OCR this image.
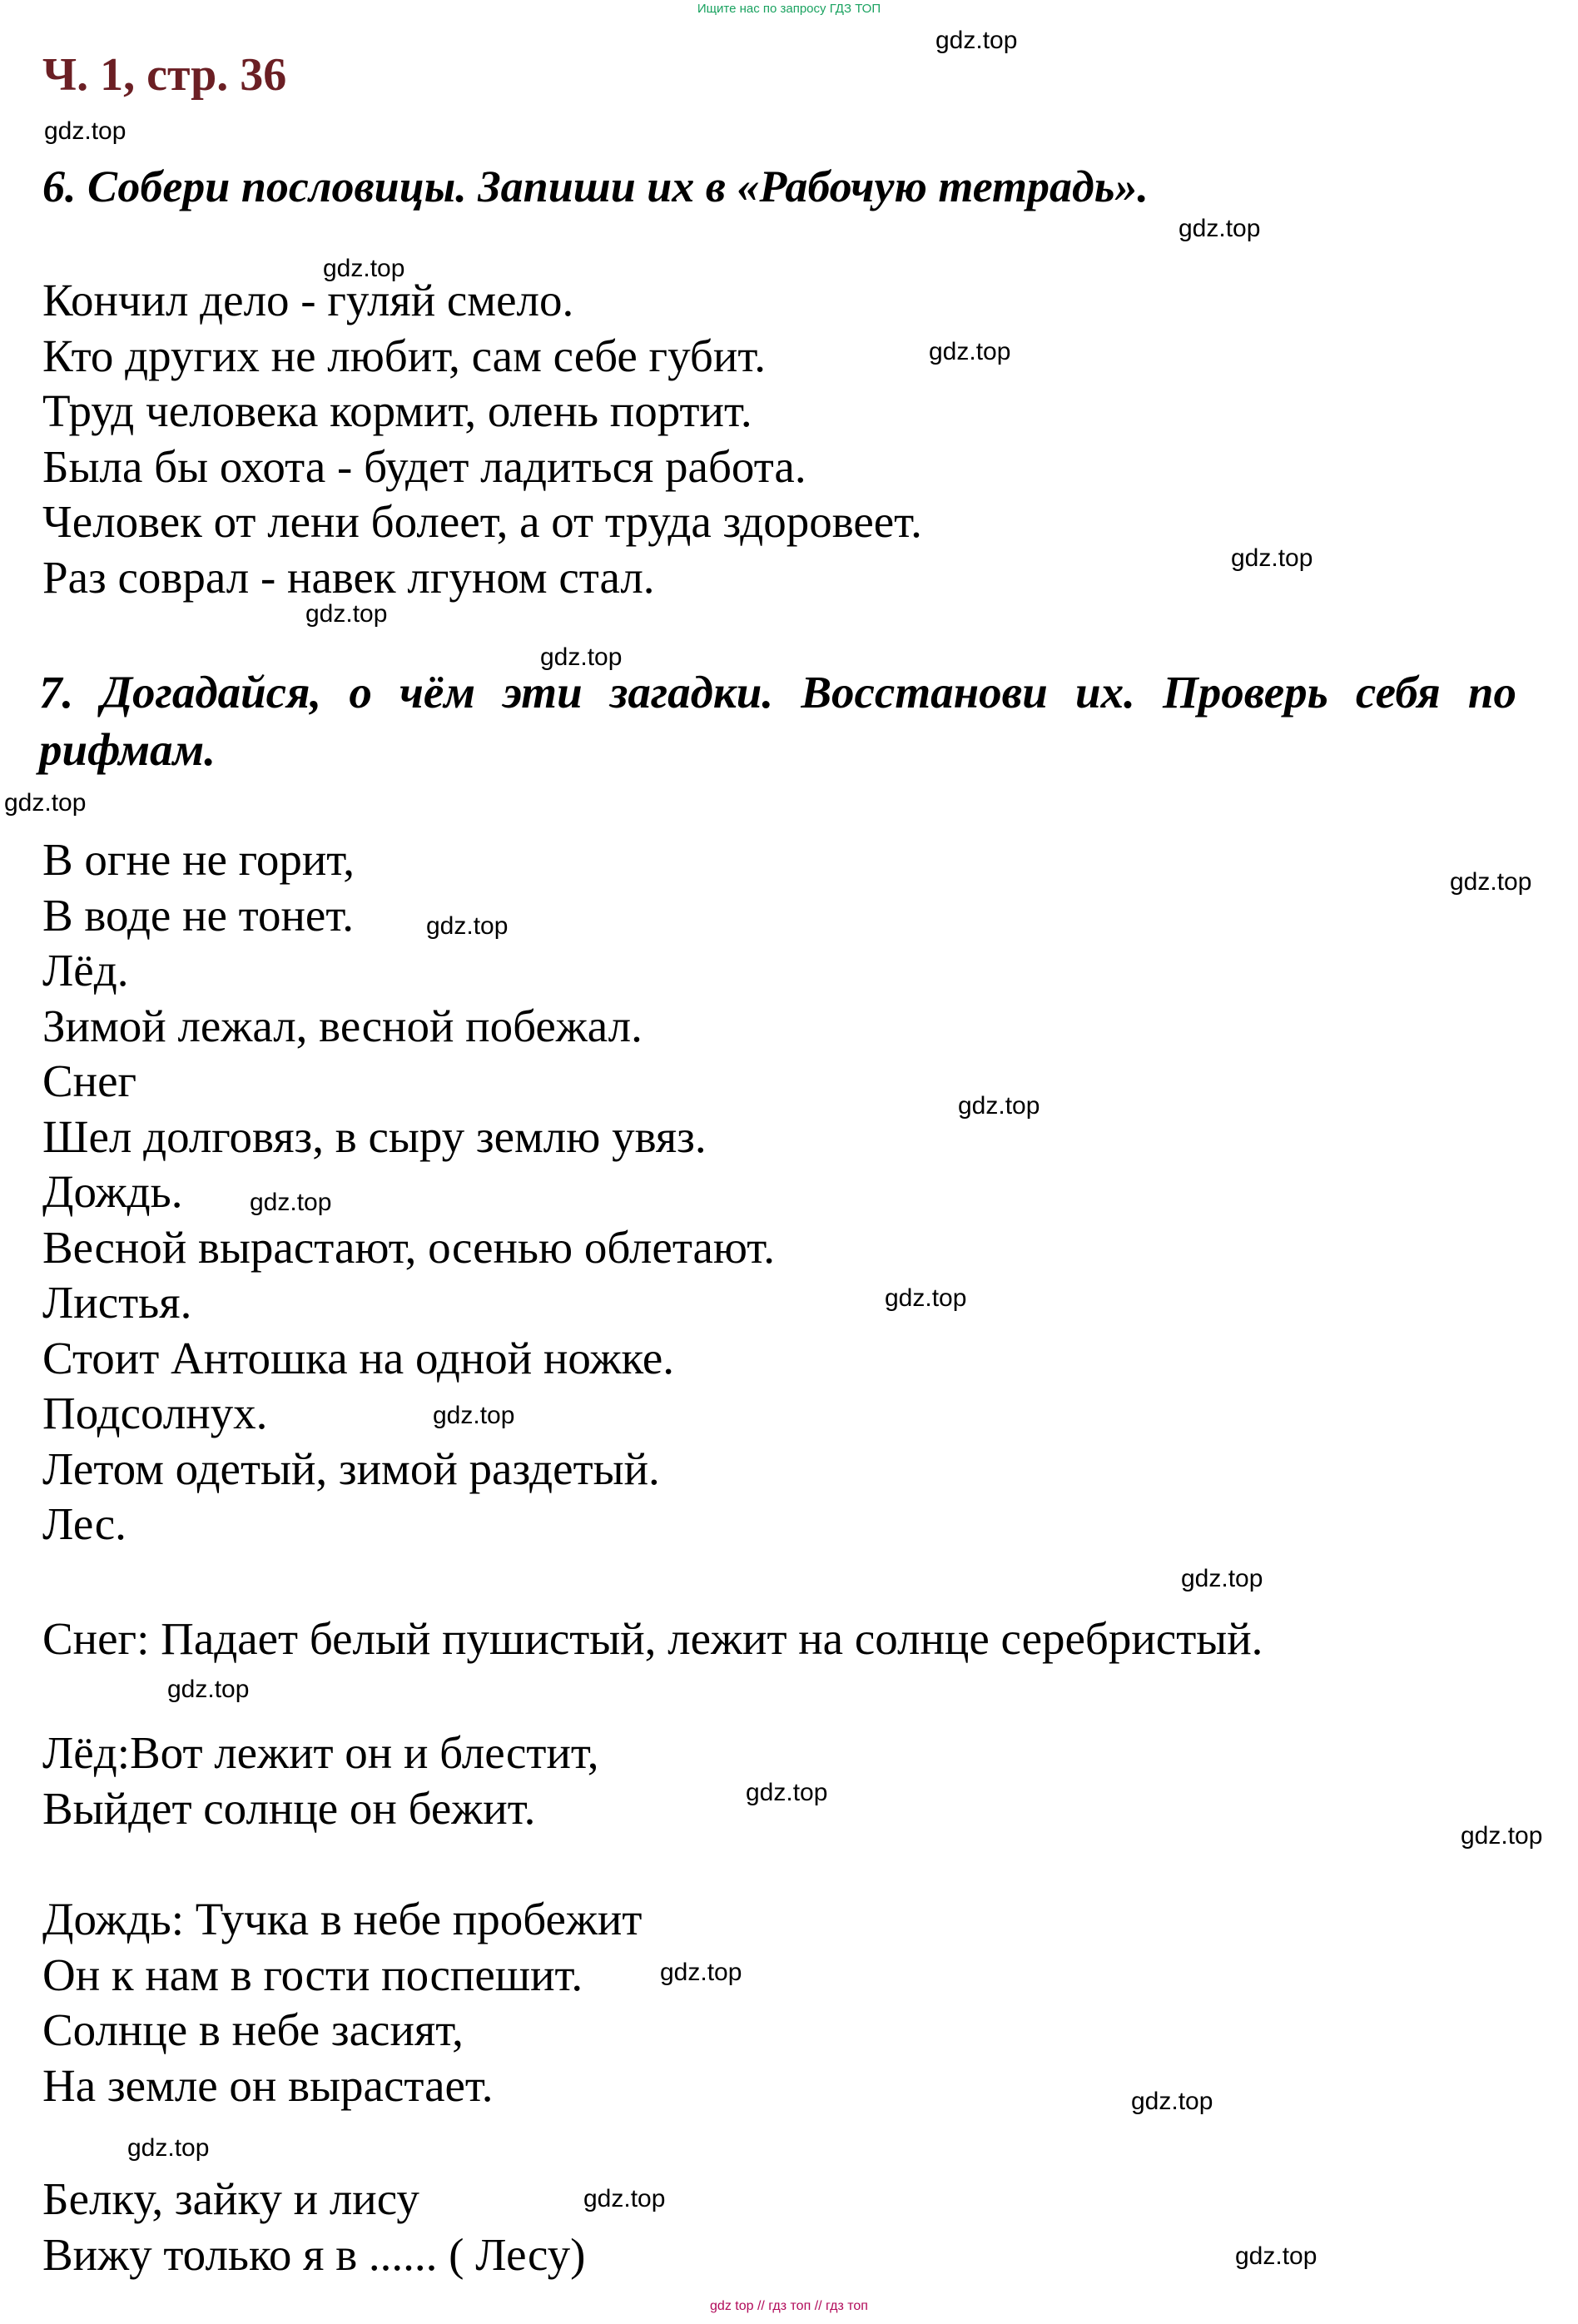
Ищите нас по запросу ГДЗ ТОП
Ч. 1, стр. 36
6. Собери пословицы. Запиши их в «Рабочую тетрадь».
Кончил дело - гуляй смело.
Кто других не любит, сам себе губит.
Труд человека кормит, олень портит.
Была бы охота - будет ладиться работа.
Человек от лени болеет, а от труда здоровеет.
Раз соврал - навек лгуном стал.
7. Догадайся, о чём эти загадки. Восстанови их. Проверь себя по рифмам.
В огне не горит,
В воде не тонет.
Лёд.
Зимой лежал, весной побежал.
Снег
Шел долговяз, в сыру землю увяз.
Дождь.
Весной вырастают, осенью облетают.
Листья.
Стоит Антошка на одной ножке.
Подсолнух.
Летом одетый, зимой раздетый.
Лес.
Снег: Падает белый пушистый, лежит на солнце серебристый.
Лёд:Вот лежит он и блестит,
Выйдет солнце он бежит.
Дождь: Тучка в небе пробежит
Он к нам в гости поспешит.
Солнце в небе засият,
На земле он вырастает.
Белку, зайку и лису
Вижу только я в ...... ( Лесу)
gdz.top
gdz.top
gdz.top
gdz.top
gdz.top
gdz.top
gdz.top
gdz.top
gdz.top
gdz.top
gdz.top
gdz.top
gdz.top
gdz.top
gdz.top
gdz.top
gdz.top
gdz.top
gdz.top
gdz.top
gdz.top
gdz.top
gdz.top
gdz.top
gdz top // гдз топ // гдз топ
